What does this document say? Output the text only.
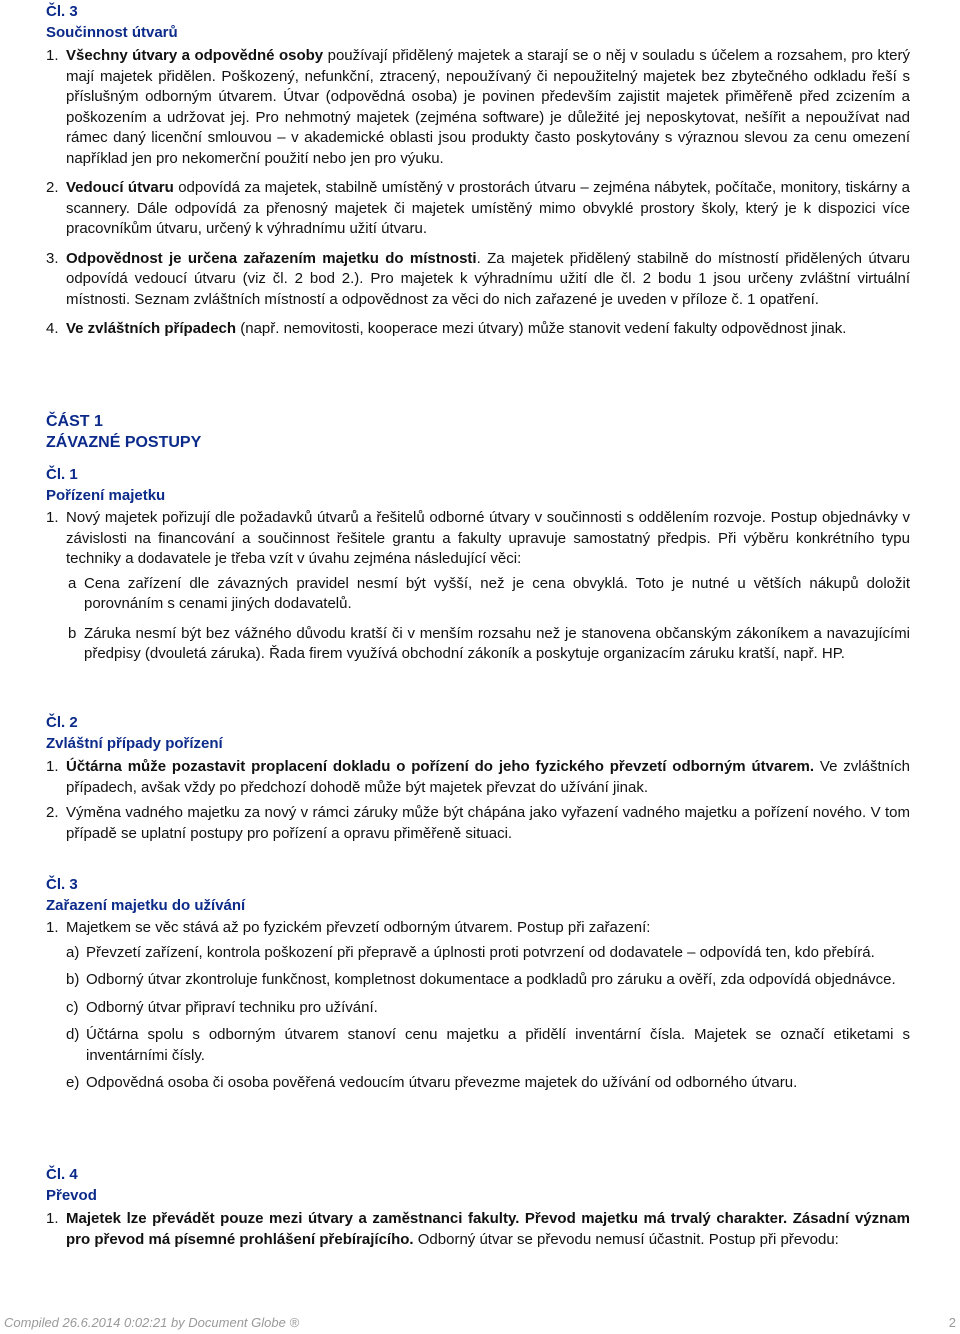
Čl. 3
Součinnost útvarů
1. Všechny útvary a odpovědné osoby používají přidělený majetek a starají se o něj v souladu s účelem a rozsahem, pro který mají majetek přidělen. Poškozený, nefunkční, ztracený, nepoužívaný či nepoužitelný majetek bez zbytečného odkladu řeší s příslušným odborným útvarem. Útvar (odpovědná osoba) je povinen především zajistit majetek přiměřeně před zcizením a poškozením a udržovat jej. Pro nehmotný majetek (zejména software) je důležité jej neposkytovat, nešířit a nepoužívat nad rámec daný licenční smlouvou – v akademické oblasti jsou produkty často poskytovány s výraznou slevou za cenu omezení například jen pro nekomerční použití nebo jen pro výuku.
2. Vedoucí útvaru odpovídá za majetek, stabilně umístěný v prostorách útvaru – zejména nábytek, počítače, monitory, tiskárny a scannery. Dále odpovídá za přenosný majetek či majetek umístěný mimo obvyklé prostory školy, který je k dispozici více pracovníkům útvaru, určený k výhradnímu užití útvaru.
3. Odpovědnost je určena zařazením majetku do místnosti. Za majetek přidělený stabilně do místností přidělených útvaru odpovídá vedoucí útvaru (viz čl. 2 bod 2.). Pro majetek k výhradnímu užití dle čl. 2 bodu 1 jsou určeny zvláštní virtuální místnosti. Seznam zvláštních místností a odpovědnost za věci do nich zařazené je uveden v příloze č. 1 opatření.
4. Ve zvláštních případech (např. nemovitosti, kooperace mezi útvary) může stanovit vedení fakulty odpovědnost jinak.
ČÁST 1
ZÁVAZNÉ POSTUPY
Čl. 1
Pořízení majetku
1. Nový majetek pořizují dle požadavků útvarů a řešitelů odborné útvary v součinnosti s oddělením rozvoje. Postup objednávky v závislosti na financování a součinnost řešitele grantu a fakulty upravuje samostatný předpis. Při výběru konkrétního typu techniky a dodavatele je třeba vzít v úvahu zejména následující věci:
a Cena zařízení dle závazných pravidel nesmí být vyšší, než je cena obvyklá. Toto je nutné u větších nákupů doložit porovnáním s cenami jiných dodavatelů.
b Záruka nesmí být bez vážného důvodu kratší či v menším rozsahu než je stanovena občanským zákoníkem a navazujícími předpisy (dvouletá záruka). Řada firem využívá obchodní zákoník a poskytuje organizacím záruku kratší, např. HP.
Čl. 2
Zvláštní případy pořízení
1. Účtárna může pozastavit proplacení dokladu o pořízení do jeho fyzického převzetí odborným útvarem. Ve zvláštních případech, avšak vždy po předchozí dohodě může být majetek převzat do užívání jinak.
2. Výměna vadného majetku za nový v rámci záruky může být chápána jako vyřazení vadného majetku a pořízení nového. V tom případě se uplatní postupy pro pořízení a opravu přiměřeně situaci.
Čl. 3
Zařazení majetku do užívání
1. Majetkem se věc stává až po fyzickém převzetí odborným útvarem. Postup při zařazení:
a) Převzetí zařízení, kontrola poškození při přepravě a úplnosti proti potvrzení od dodavatele – odpovídá ten, kdo přebírá.
b) Odborný útvar zkontroluje funkčnost, kompletnost dokumentace a podkladů pro záruku a ověří, zda odpovídá objednávce.
c) Odborný útvar připraví techniku pro užívání.
d) Účtárna spolu s odborným útvarem stanoví cenu majetku a přidělí inventární čísla. Majetek se označí etiketami s inventárními čísly.
e) Odpovědná osoba či osoba pověřená vedoucím útvaru převezme majetek do užívání od odborného útvaru.
Čl. 4
Převod
1. Majetek lze převádět pouze mezi útvary a zaměstnanci fakulty. Převod majetku má trvalý charakter. Zásadní význam pro převod má písemné prohlášení přebírajícího. Odborný útvar se převodu nemusí účastnit. Postup při převodu:
Compiled 26.6.2014 0:02:21 by Document Globe ®	2
